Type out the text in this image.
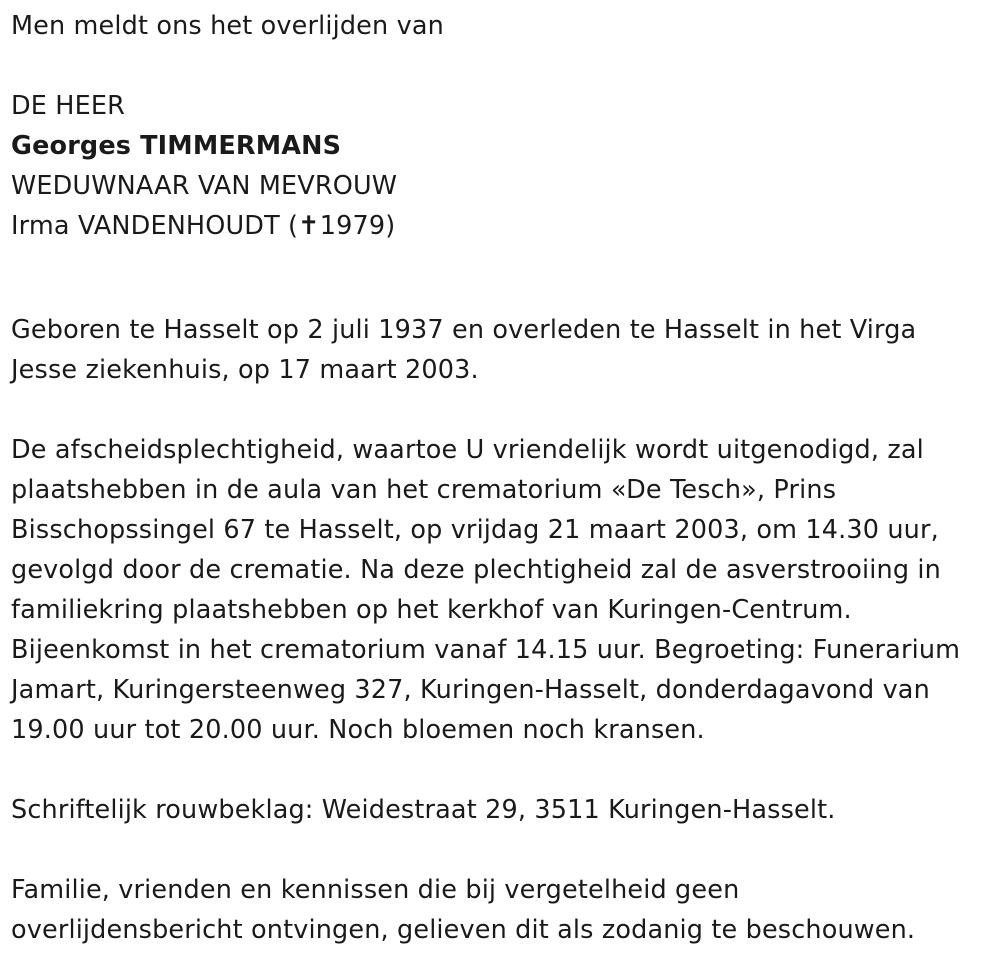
Men meldt ons het overlijden van

DE HEER

Georges TIMMERMANS

WEDUWNAAR VAN MEVROUW

Irma VANDENHOUDT (✝1979)

Geboren te Hasselt op 2 juli 1937 en overleden te Hasselt in het Virga

Jesse ziekenhuis, op 17 maart 2003.

De afscheidsplechtigheid, waartoe U vriendelijk wordt uitgenodigd, zal

plaatshebben in de aula van het crematorium «De Tesch», Prins

Bisschopssingel 67 te Hasselt, op vrijdag 21 maart 2003, om 14.30 uur,

gevolgd door de crematie. Na deze plechtigheid zal de asverstrooiing in

familiekring plaatshebben op het kerkhof van Kuringen-Centrum.

Bijeenkomst in het crematorium vanaf 14.15 uur. Begroeting: Funerarium

Jamart, Kuringersteenweg 327, Kuringen-Hasselt, donderdagavond van

19.00 uur tot 20.00 uur. Noch bloemen noch kransen.

Schriftelijk rouwbeklag: Weidestraat 29, 3511 Kuringen-Hasselt.

Familie, vrienden en kennissen die bij vergetelheid geen

overlijdensbericht ontvingen, gelieven dit als zodanig te beschouwen.
